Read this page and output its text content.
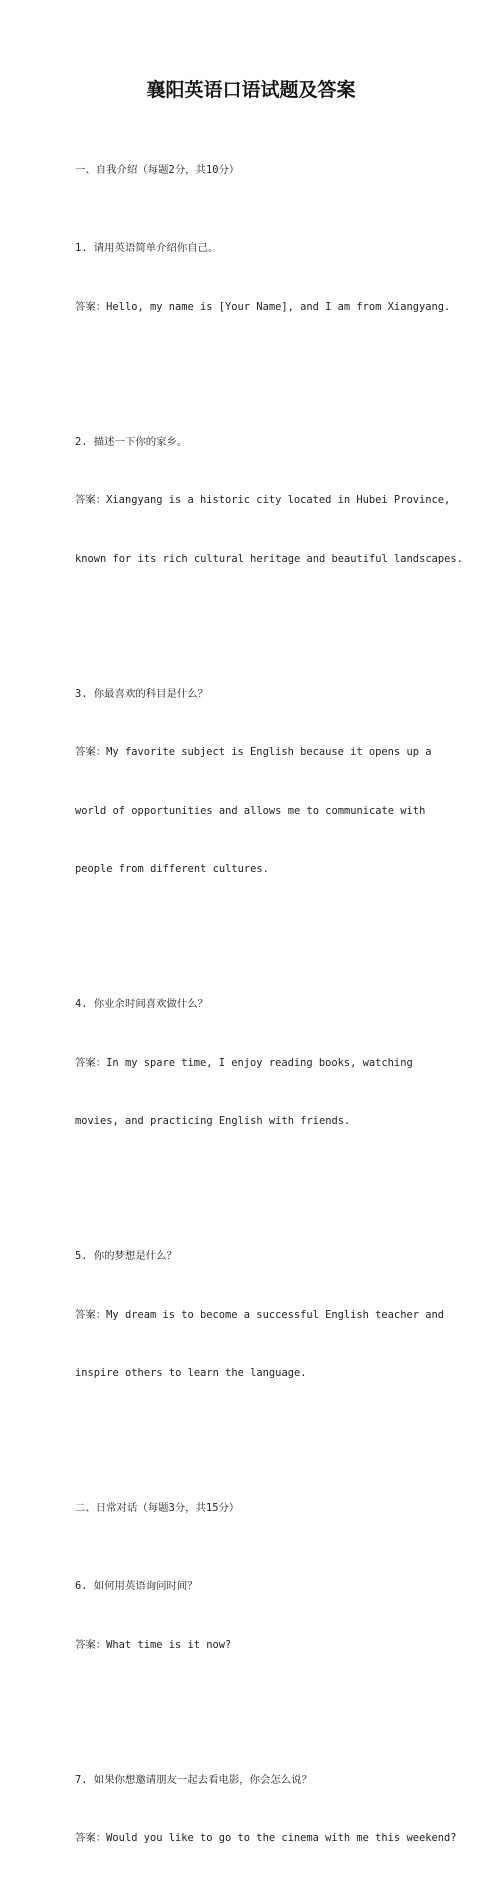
襄阳英语口语试题及答案

一、自我介绍（每题2分，共10分）

1. 请用英语简单介绍你自己。

答案：Hello, my name is [Your Name], and I am from Xiangyang.

2. 描述一下你的家乡。

答案：Xiangyang is a historic city located in Hubei Province,

known for its rich cultural heritage and beautiful landscapes.

3. 你最喜欢的科目是什么？

答案：My favorite subject is English because it opens up a

world of opportunities and allows me to communicate with

people from different cultures.

4. 你业余时间喜欢做什么？

答案：In my spare time, I enjoy reading books, watching

movies, and practicing English with friends.

5. 你的梦想是什么？

答案：My dream is to become a successful English teacher and

inspire others to learn the language.

二、日常对话（每题3分，共15分）

6. 如何用英语询问时间？

答案：What time is it now?

7. 如果你想邀请朋友一起去看电影，你会怎么说？

答案：Would you like to go to the cinema with me this weekend?
